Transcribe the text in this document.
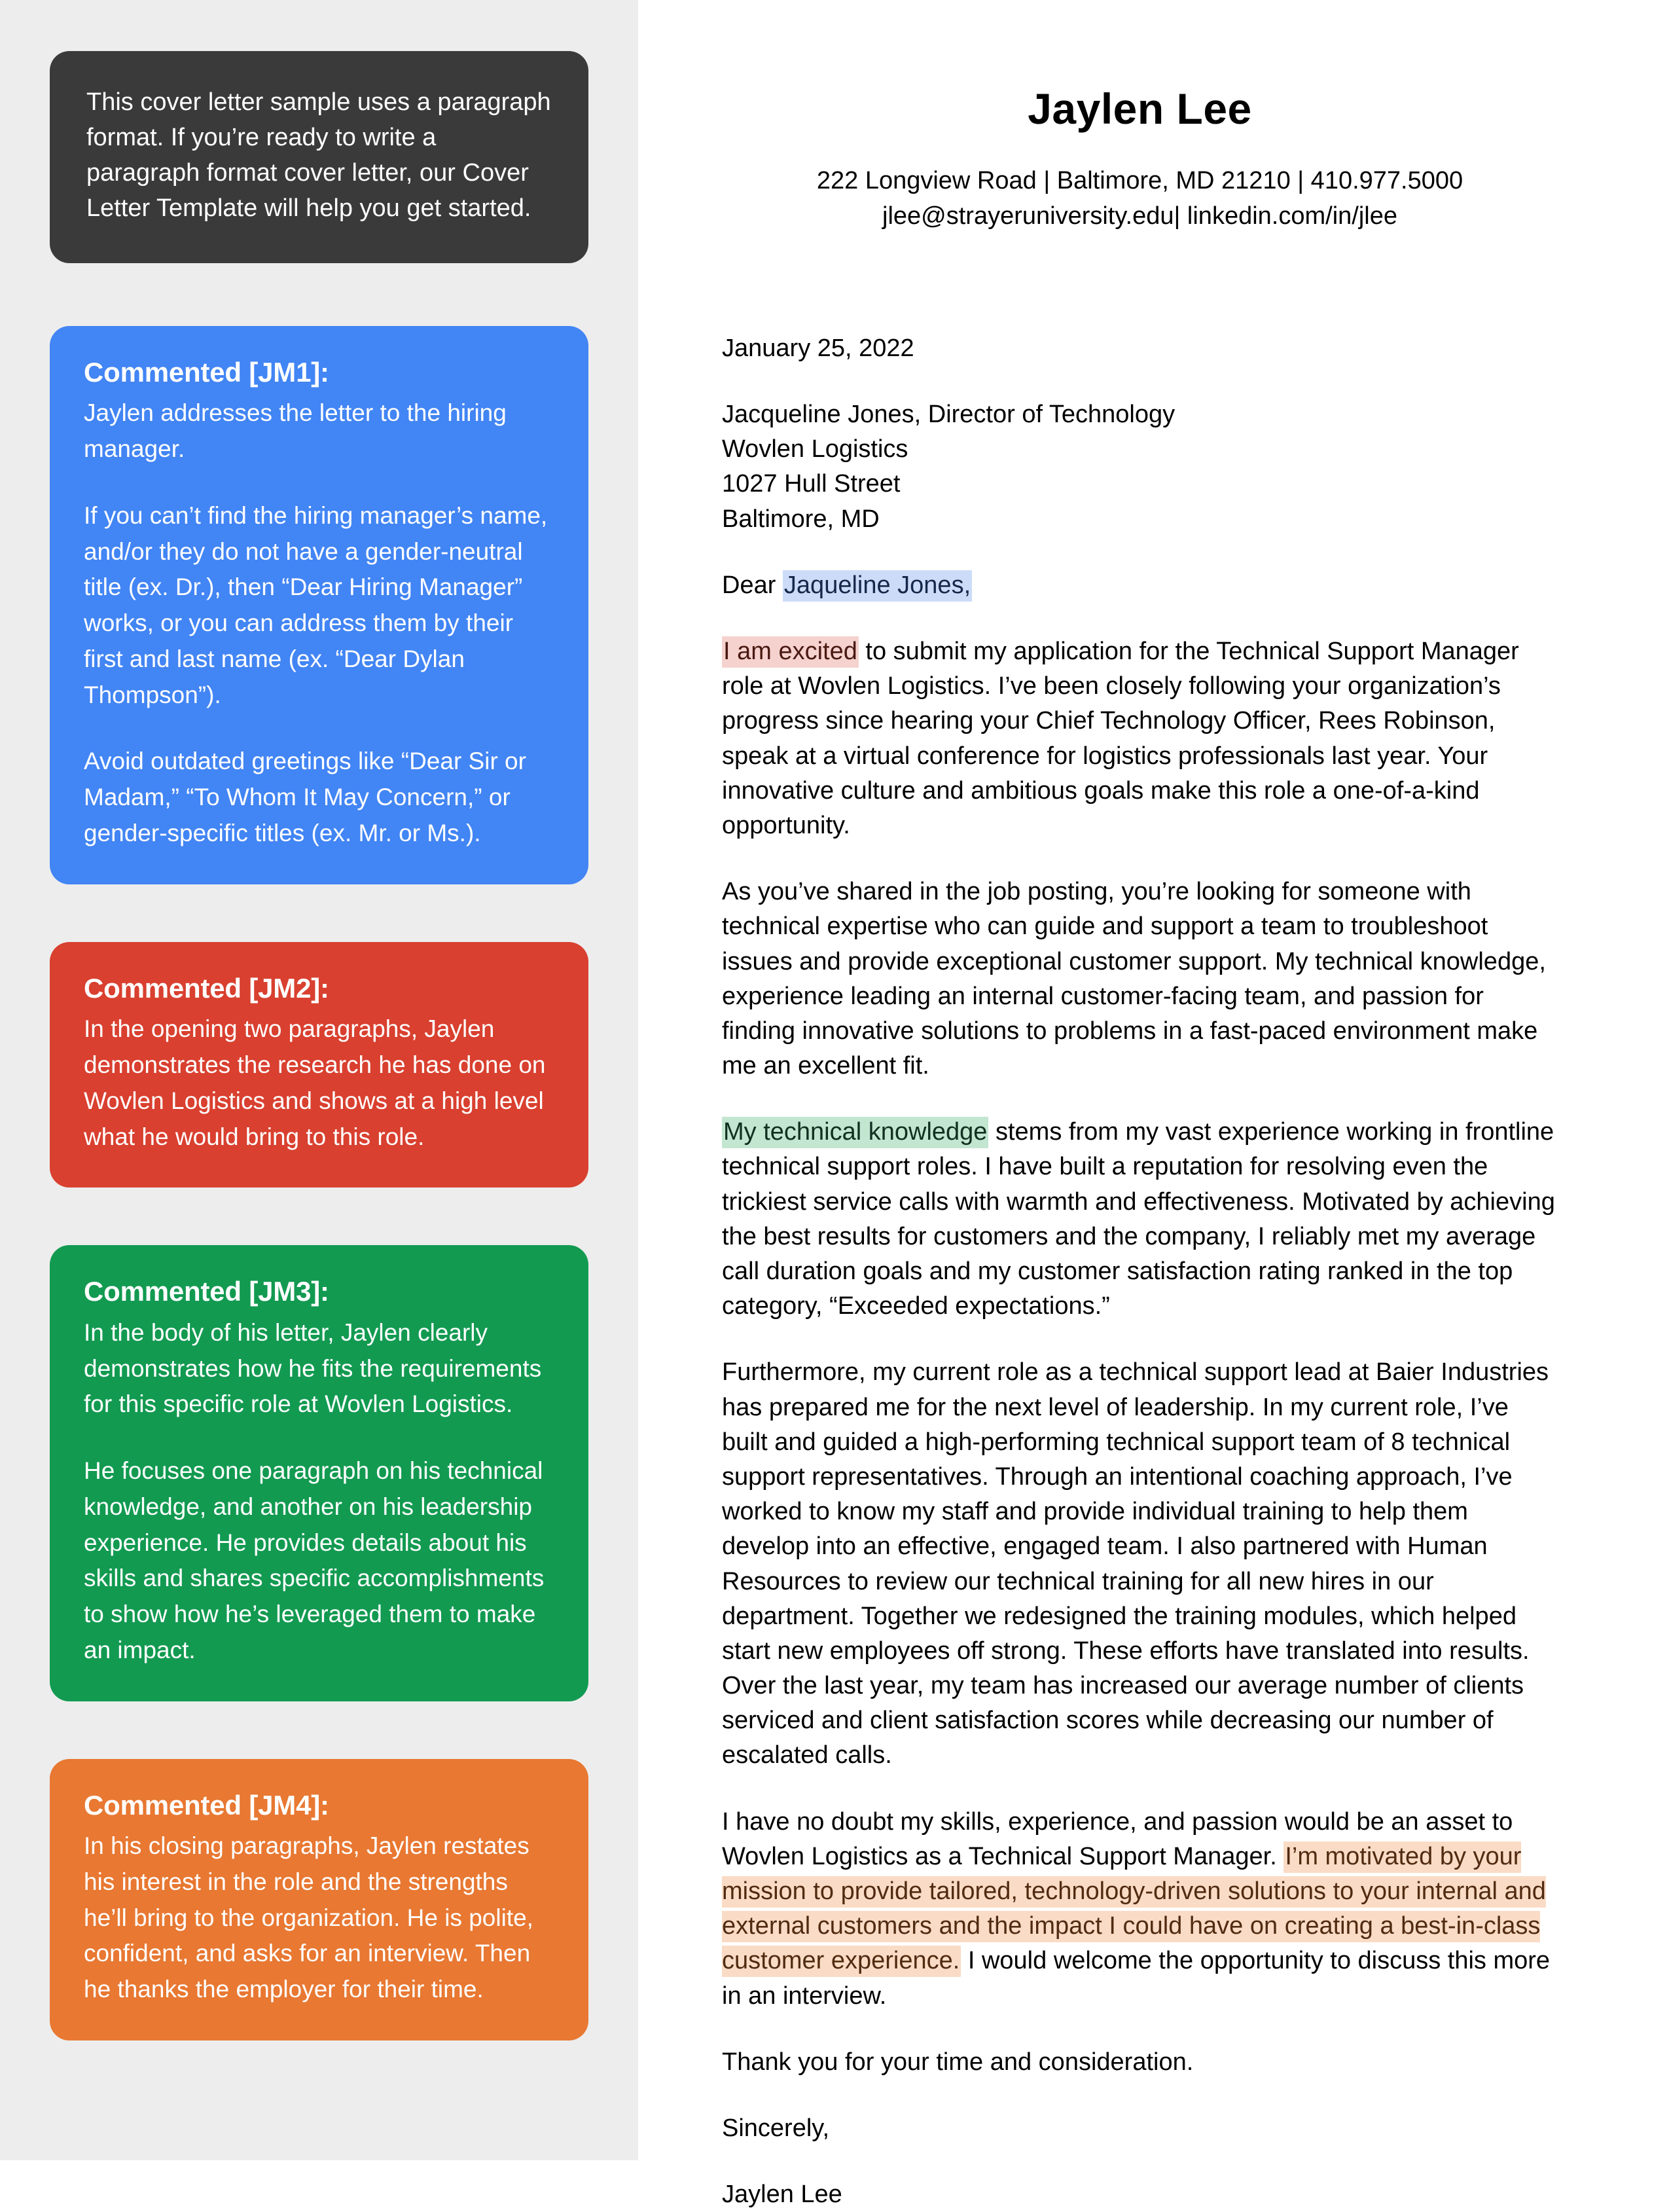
This cover letter sample uses a paragraph format. If you’re ready to write a paragraph format cover letter, our Cover Letter Template will help you get started.
Commented [JM1]:

Jaylen addresses the letter to the hiring manager.

If you can’t find the hiring manager’s name, and/or they do not have a gender-neutral title (ex. Dr.), then “Dear Hiring Manager” works, or you can address them by their first and last name (ex. “Dear Dylan Thompson”).

Avoid outdated greetings like “Dear Sir or Madam,” “To Whom It May Concern,” or gender-specific titles (ex. Mr. or Ms.).

Commented [JM2]:

In the opening two paragraphs, Jaylen demonstrates the research he has done on Wovlen Logistics and shows at a high level what he would bring to this role.

Commented [JM3]:

In the body of his letter, Jaylen clearly demonstrates how he fits the requirements for this specific role at Wovlen Logistics.

He focuses one paragraph on his technical knowledge, and another on his leadership experience. He provides details about his skills and shares specific accomplishments to show how he’s leveraged them to make an impact.

Commented [JM4]:

In his closing paragraphs, Jaylen restates his interest in the role and the strengths he’ll bring to the organization. He is polite, confident, and asks for an interview. Then he thanks the employer for their time.

Jaylen Lee
222 Longview Road | Baltimore, MD 21210 | 410.977.5000
jlee@strayeruniversity.edu| linkedin.com/in/jlee

January 25, 2022

Jacqueline Jones, Director of Technology

Wovlen Logistics

1027 Hull Street

Baltimore, MD

Dear Jaqueline Jones,

I am excited to submit my application for the Technical Support Manager role at Wovlen Logistics. I’ve been closely following your organization’s progress since hearing your Chief Technology Officer, Rees Robinson, speak at a virtual conference for logistics professionals last year. Your innovative culture and ambitious goals make this role a one-of-a-kind opportunity.

As you’ve shared in the job posting, you’re looking for someone with technical expertise who can guide and support a team to troubleshoot issues and provide exceptional customer support. My technical knowledge, experience leading an internal customer-facing team, and passion for finding innovative solutions to problems in a fast-paced environment make me an excellent fit.

My technical knowledge stems from my vast experience working in frontline technical support roles. I have built a reputation for resolving even the trickiest service calls with warmth and effectiveness. Motivated by achieving the best results for customers and the company, I reliably met my average call duration goals and my customer satisfaction rating ranked in the top category, “Exceeded expectations.”

Furthermore, my current role as a technical support lead at Baier Industries has prepared me for the next level of leadership. In my current role, I’ve built and guided a high-performing technical support team of 8 technical support representatives. Through an intentional coaching approach, I’ve worked to know my staff and provide individual training to help them develop into an effective, engaged team. I also partnered with Human Resources to review our technical training for all new hires in our department. Together we redesigned the training modules, which helped start new employees off strong. These efforts have translated into results. Over the last year, my team has increased our average number of clients serviced and client satisfaction scores while decreasing our number of escalated calls.

I have no doubt my skills, experience, and passion would be an asset to Wovlen Logistics as a Technical Support Manager. I’m motivated by your mission to provide tailored, technology-driven solutions to your internal and external customers and the impact I could have on creating a best-in-class customer experience. I would welcome the opportunity to discuss this more in an interview.

Thank you for your time and consideration.

Sincerely,

Jaylen Lee
